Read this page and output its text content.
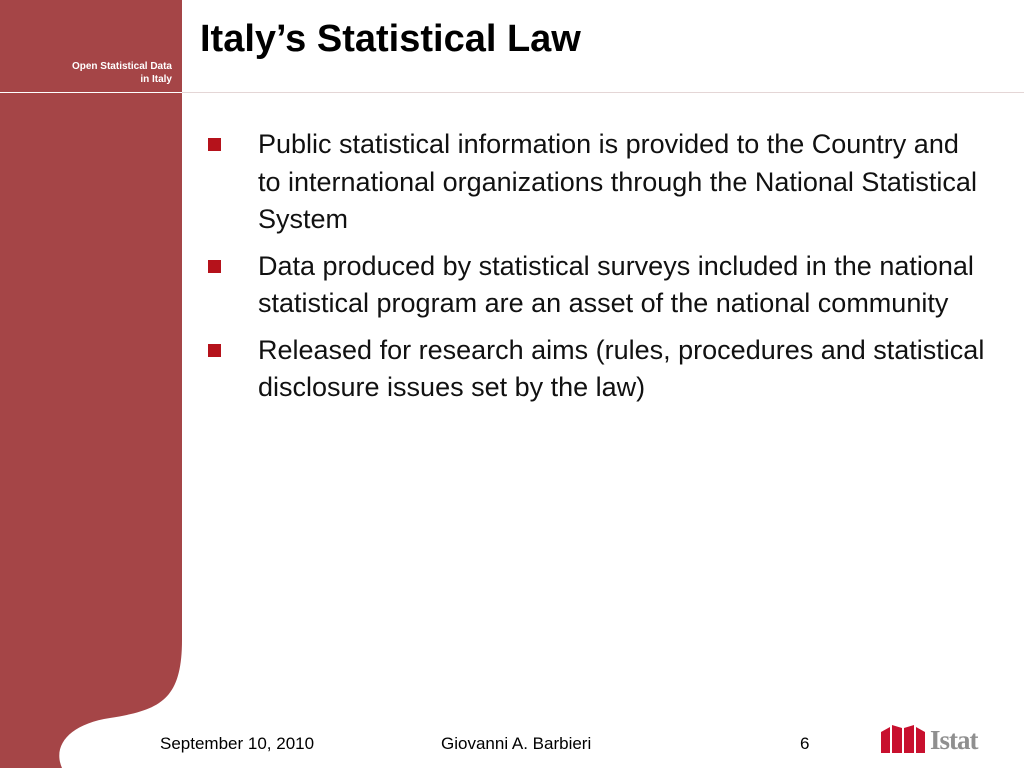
Open Statistical Data
in Italy
Italy’s Statistical Law
Public statistical information is provided to the Country and to international organizations through the National Statistical System
Data produced by statistical surveys included in the national statistical program are an asset of the national community
Released for research aims (rules, procedures and statistical disclosure issues set by the law)
September 10, 2010	Giovanni A. Barbieri	6	Istat
